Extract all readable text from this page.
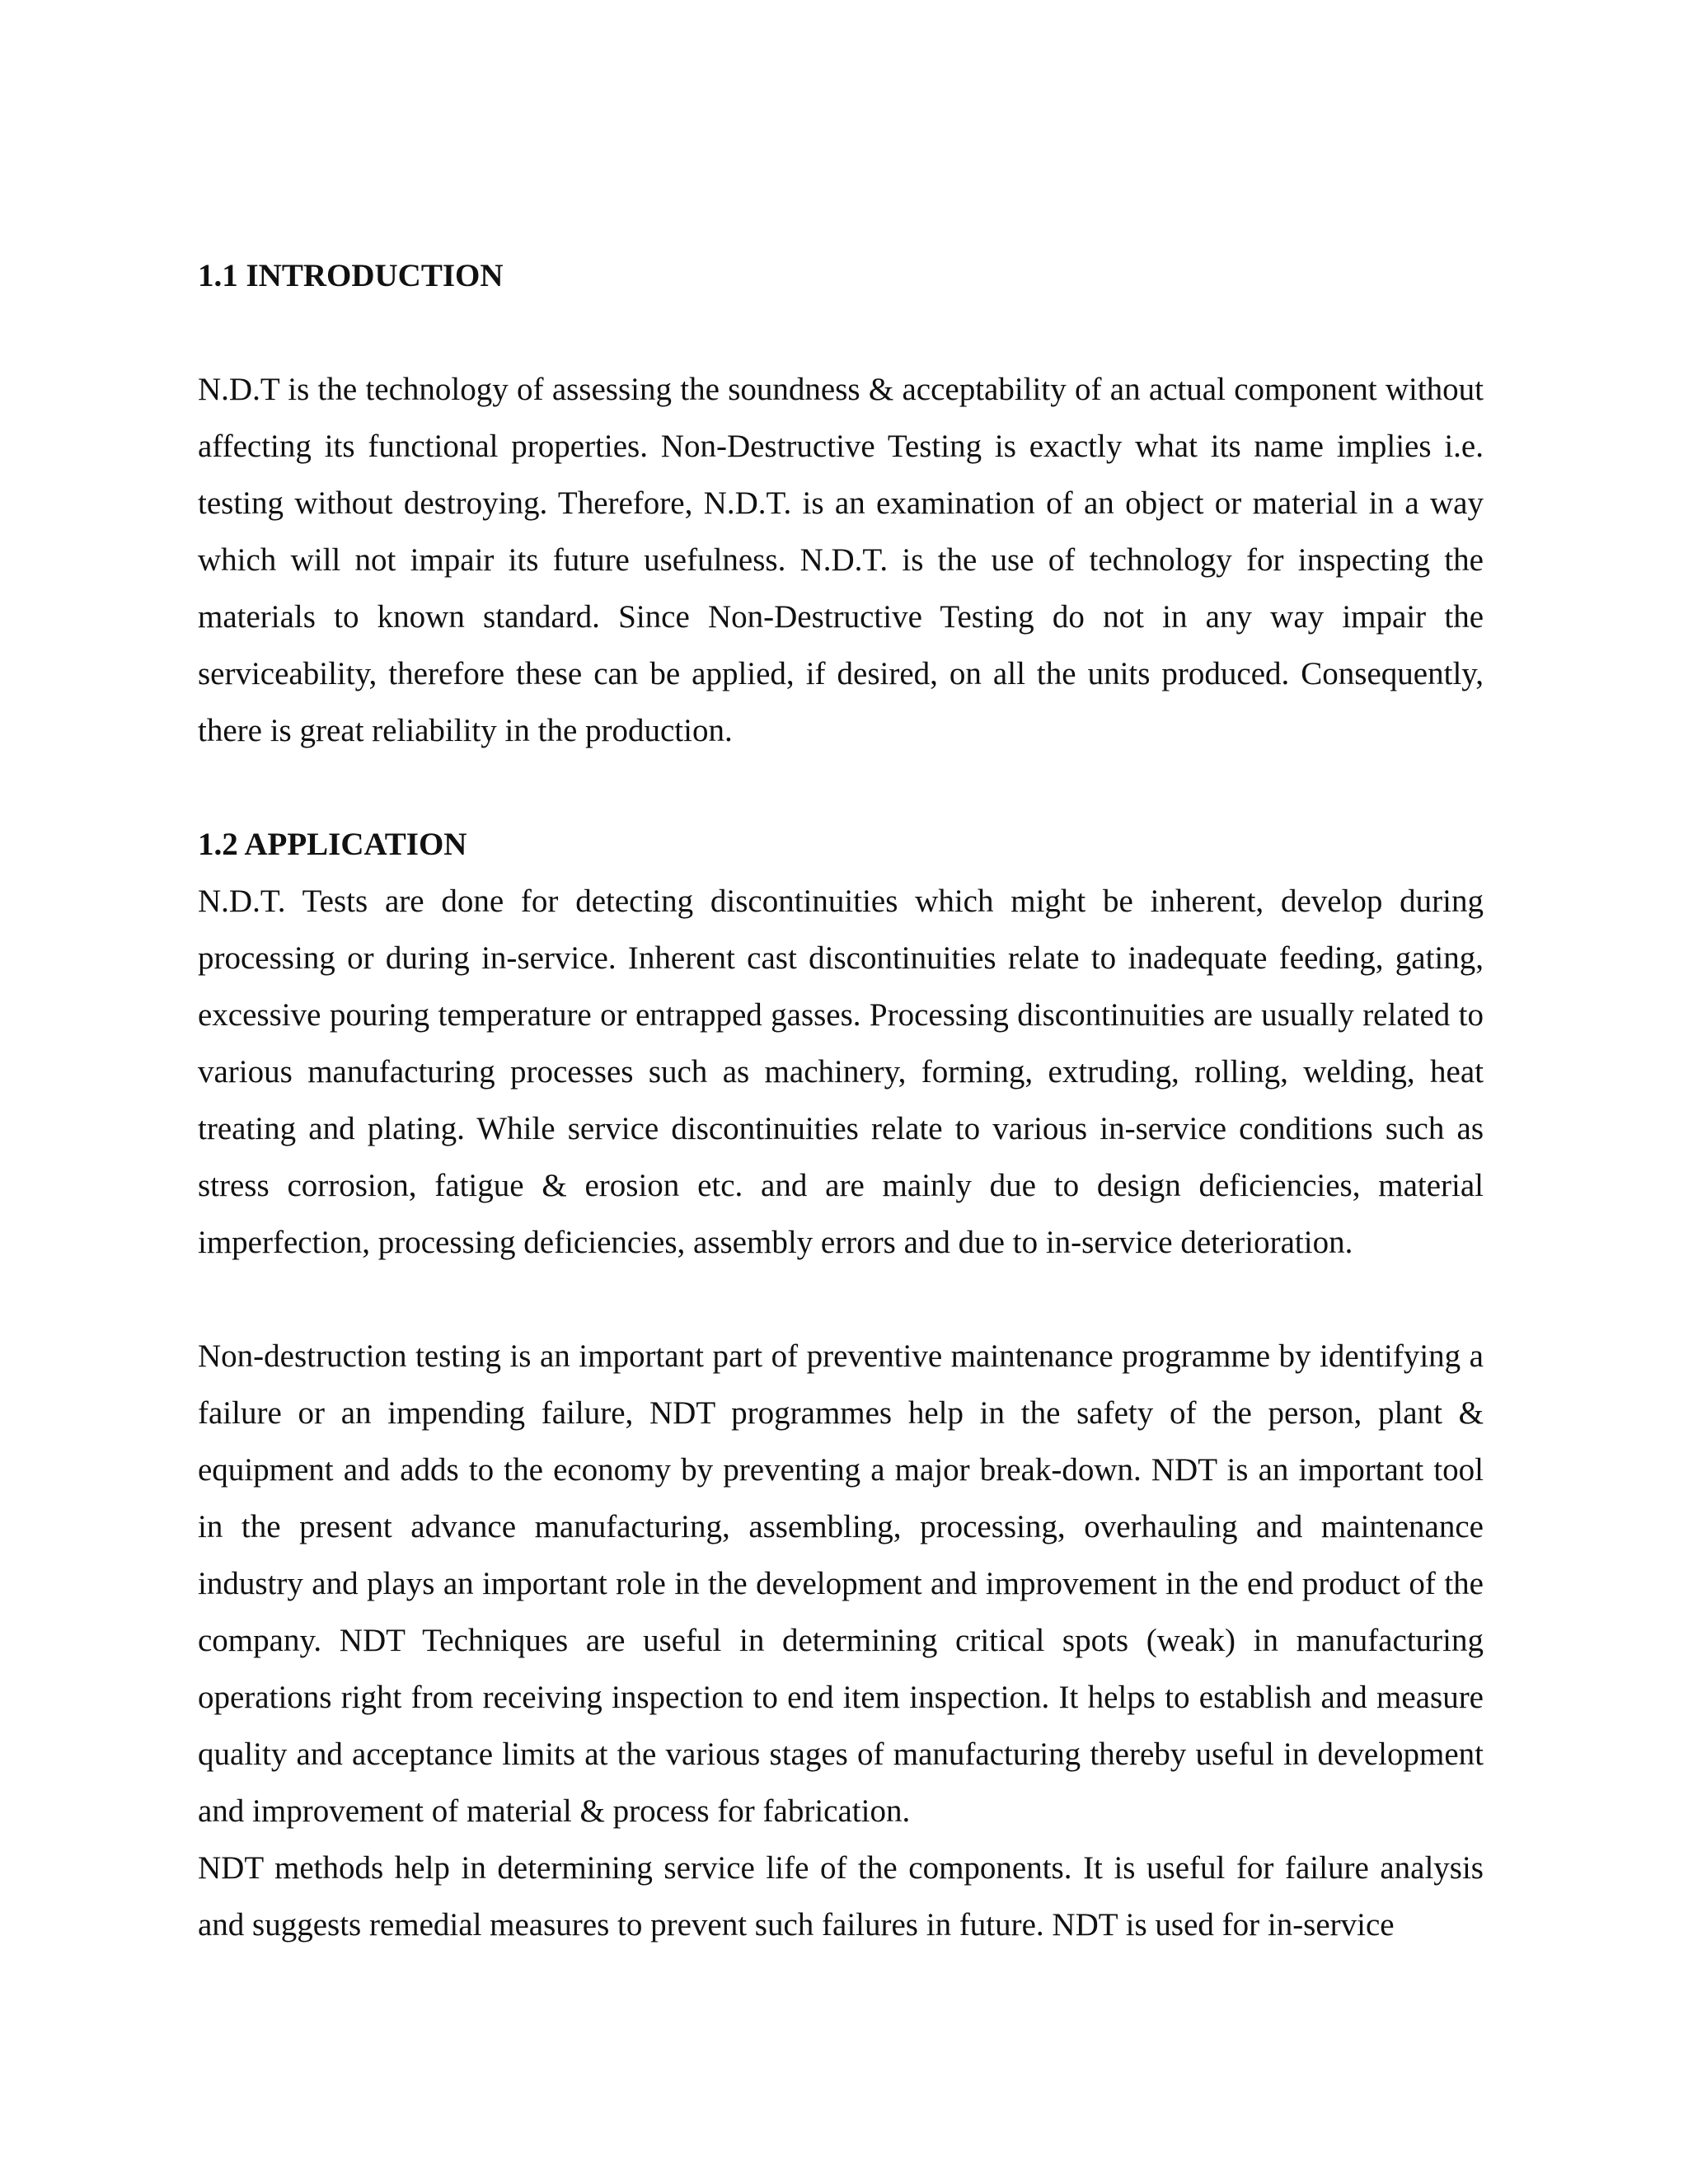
1.1 INTRODUCTION

N.D.T is the technology of assessing the soundness & acceptability of an actual component without affecting its functional properties. Non-Destructive Testing is exactly what its name implies i.e. testing without destroying. Therefore, N.D.T. is an examination of an object or material in a way which will not impair its future usefulness. N.D.T. is the use of technology for inspecting the materials to known standard. Since Non-Destructive Testing do not in any way impair the serviceability, therefore these can be applied, if desired, on all the units produced. Consequently, there is great reliability in the production.

1.2 APPLICATION

N.D.T. Tests are done for detecting discontinuities which might be inherent, develop during processing or during in-service. Inherent cast discontinuities relate to inadequate feeding, gating, excessive pouring temperature or entrapped gasses. Processing discontinuities are usually related to various manufacturing processes such as machinery, forming, extruding, rolling, welding, heat treating and plating. While service discontinuities relate to various in-service conditions such as stress corrosion, fatigue & erosion etc. and are mainly due to design deficiencies, material imperfection, processing deficiencies, assembly errors and due to in-service deterioration.

Non-destruction testing is an important part of preventive maintenance programme by identifying a failure or an impending failure, NDT programmes help in the safety of the person, plant & equipment and adds to the economy by preventing a major break-down. NDT is an important tool in the present advance manufacturing, assembling, processing, overhauling and maintenance industry and plays an important role in the development and improvement in the end product of the company. NDT Techniques are useful in determining critical spots (weak) in manufacturing operations right from receiving inspection to end item inspection. It helps to establish and measure quality and acceptance limits at the various stages of manufacturing thereby useful in development and improvement of material & process for fabrication.

NDT methods help in determining service life of the components. It is useful for failure analysis and suggests remedial measures to prevent such failures in future. NDT is used for in-service
